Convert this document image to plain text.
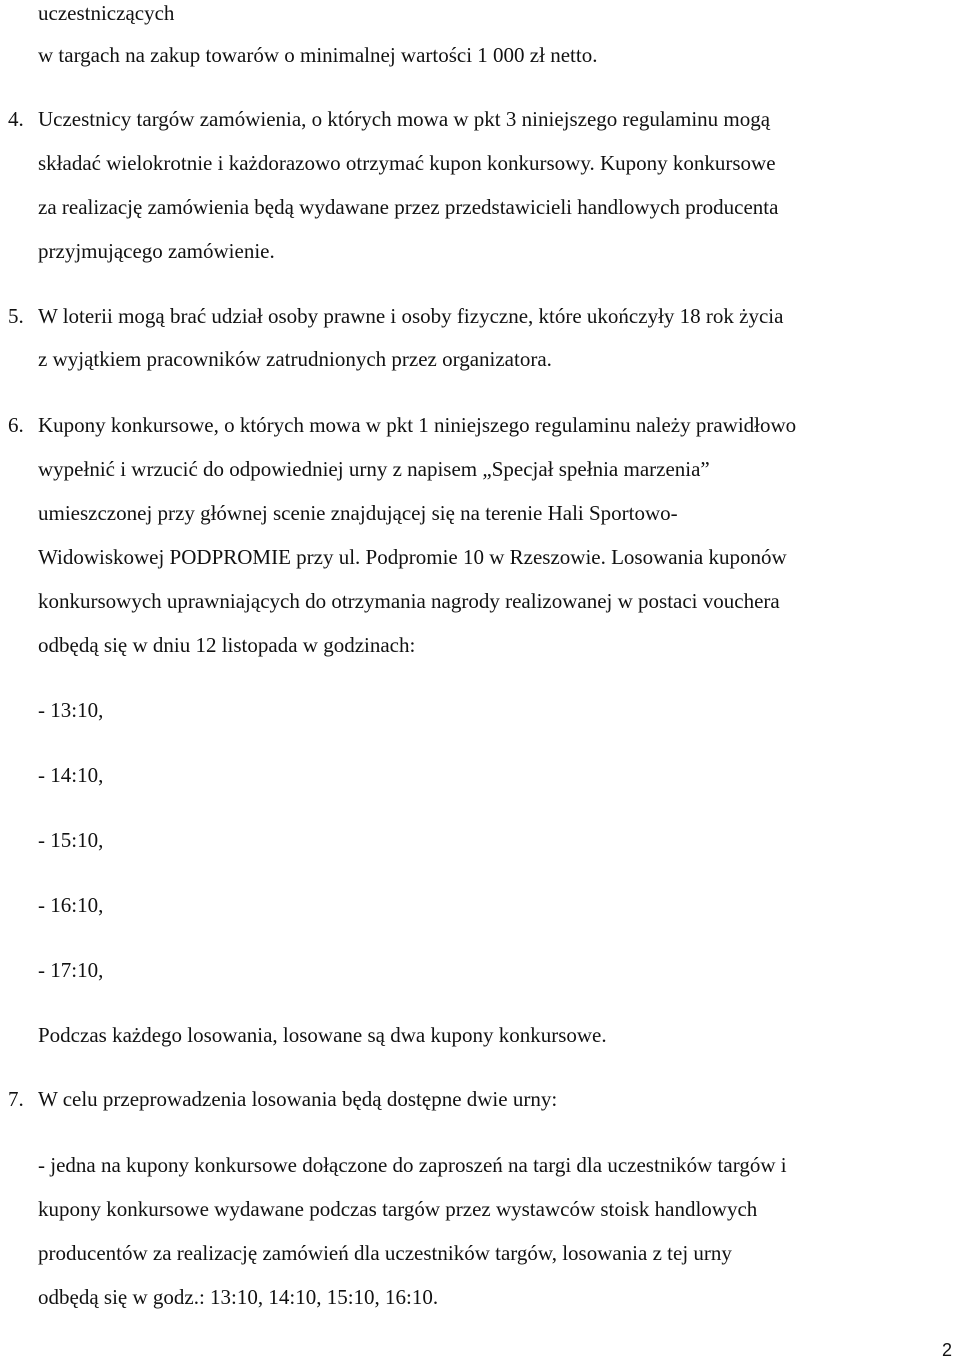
uczestniczących
w targach na zakup towarów o minimalnej wartości 1 000 zł netto.
4. Uczestnicy targów zamówienia, o których mowa w pkt 3 niniejszego regulaminu mogą
składać wielokrotnie i każdorazowo otrzymać kupon konkursowy. Kupony konkursowe
za realizację zamówienia będą wydawane przez przedstawicieli handlowych producenta
przyjmującego zamówienie.
5. W loterii mogą brać udział osoby prawne i osoby fizyczne, które ukończyły 18 rok życia
z wyjątkiem pracowników zatrudnionych przez organizatora.
6. Kupony konkursowe, o których mowa w pkt 1 niniejszego regulaminu należy prawidłowo
wypełnić i wrzucić do odpowiedniej urny z napisem „Specjał spełnia marzenia”
umieszczonej przy głównej scenie znajdującej się na terenie Hali Sportowo-
Widowiskowej PODPROMIE przy ul. Podpromie 10 w Rzeszowie. Losowania kuponów
konkursowych uprawniających do otrzymania nagrody realizowanej w postaci vouchera
odbędą się w dniu 12 listopada w godzinach:
- 13:10,
- 14:10,
- 15:10,
- 16:10,
- 17:10,
Podczas każdego losowania, losowane są dwa kupony konkursowe.
7. W celu przeprowadzenia losowania będą dostępne dwie urny:
- jedna na kupony konkursowe dołączone do zaproszeń na targi dla uczestników targów i
kupony konkursowe wydawane podczas targów przez wystawców stoisk handlowych
producentów za realizację zamówień dla uczestników targów, losowania z tej urny
odbędą się w godz.: 13:10, 14:10, 15:10, 16:10.
2
